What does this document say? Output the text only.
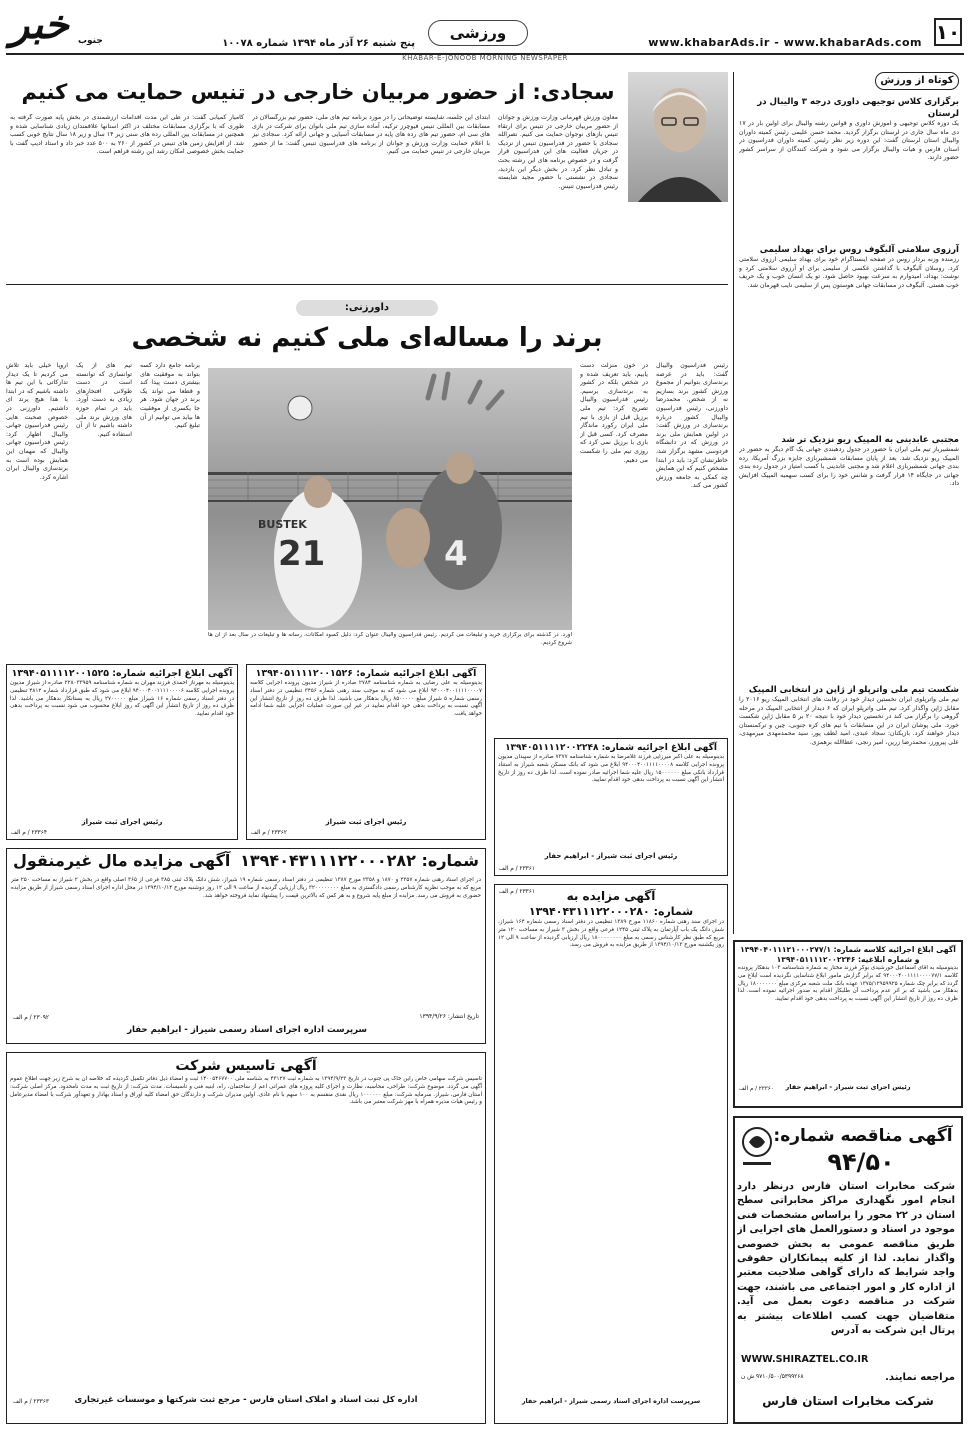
۱۰
www.khabarAds.ir - www.khabarAds.com
ورزشی
پنج شنبه ۲۶ آذر ماه ۱۳۹۴ شماره ۱۰۰۷۸
خبر جنوب
KHABAR-E-JONOOB MORNING NEWSPAPER
کوتاه از ورزش
برگزاری کلاس توجیهی داوری درجه ۳ والیبال در لرستان
یک دوره کلاس توجیهی و آموزش داوری و قوانین رشته والیبال برای اولین بار در ۱۷ دی ماه سال جاری در لرستان برگزار گردید. محمد حسن علیمی رئیس کمیته داوران والیبال استان لرستان گفت: این دوره زیر نظر رئیس کمیته داوران فدراسیون در استان فارس و هیات والیبال برگزار می شود و شرکت کنندگان از سراسر کشور حضور دارند.
آرزوی سلامتی آلبگوف روس برای بهداد سلیمی
رزمنده وزنه بردار روس در صفحه اینستاگرام خود برای بهداد سلیمی آرزوی سلامتی کرد. روسلان آلبگوف با گذاشتن عکسی از سلیمی برای او آرزوی سلامتی کرد و نوشت: بهداد، امیدوارم به سرعت بهبود حاصل شود. تو یک انسان خوب و یک حریف خوب هستی. آلبگوف در مسابقات جهانی هوستون پس از سلیمی نایب قهرمان شد.
مجتبی عابدینی به المپیک ریو نزدیک تر شد
شمشیرباز تیم ملی ایران با حضور در جدول ردهبندی جهانی یک گام دیگر به حضور در المپیک ریو نزدیک شد. بعد از پایان مسابقات شمشیربازی جایزه بزرگ آمریکا، رده بندی جهانی شمشیربازی اعلام شد و مجتبی عابدینی با کسب امتیاز در جدول رده بندی جهانی در جایگاه ۱۴ قرار گرفت و شانس خود را برای کسب سهمیه المپیک افزایش داد.
شکست تیم ملی واترپلو از ژاپن در انتخابی المپیک
تیم ملی واترپلوی ایران نخستین دیدار خود در رقابت های انتخابی المپیک ریو ۲۰۱۶ را مقابل ژاپن واگذار کرد. تیم ملی واترپلو ایران که ۶ دیدار از انتخابی المپیک در مرحله گروهی را برگزار می کند در نخستین دیدار خود با نتیجه ۲۰ بر ۵ مقابل ژاپن شکست خورد. ملی پوشان ایران در این مسابقات با تیم های کره جنوبی، چین و ترکمنستان دیدار خواهند کرد. بازیکنان: سجاد عبدی، امید لطف پور، سید محمدمهدی میرمهدی، علی پیرورز، محمدرضا زرین، امیر رنجی، عطاالله برهمزی.
سجادی: از حضور مربیان خارجی در تنیس حمایت می کنیم
معاون ورزش قهرمانی وزارت ورزش و جوانان از حضور مربیان خارجی در تنیس برای ارتقاء تنیس بازهای نوجوان حمایت می کنیم. نصرالله سجادی با حضور در فدراسیون تنیس از نزدیک در جریان فعالیت های این فدراسیون قرار گرفت و در خصوص برنامه های این رشته بحث و تبادل نظر کرد. در بخش دیگر این بازدید، سجادی در نشستی با حضور مجید شایسته رئیس فدراسیون تنیس.
ابتدای این جلسه، شایسته توضیحاتی را در مورد برنامه تیم های ملی، حضور تیم بزرگسالان در مسابقات بین المللی تنیس فیوچرز ترکیه، آماده سازی تیم ملی بانوان برای شرکت در بازی های سی ام، حضور تیم های رده های پایه در مسابقات آسیایی و جهانی ارائه کرد. سجادی نیز با اعلام حمایت وزارت ورزش و جوانان از برنامه های فدراسیون تنیس گفت: ما از حضور مربیان خارجی در تنیس حمایت می کنیم.
کامیار کمیابی گفت: در طی این مدت اقدامات ارزشمندی در بخش پایه صورت گرفته به طوری که با برگزاری مسابقات مختلف در اکثر استانها علاقمندان زیادی شناسایی شده و همچنین در مسابقات بین المللی رده های سنی زیر ۱۴ سال و زیر ۱۸ سال نتایج خوبی کسب شد. از افزایش زمین های تنیس در کشور از ۲۶۰ به ۵۰۰ عدد خبر داد و استاد ادیپ گفت با حمایت بخش خصوصی امکان رشد این رشته فراهم است.
داورزنی:
برند را مساله‌ای ملی کنیم نه شخصی
رئیس فدراسیون والیبال گفت: باید در عرصه برندسازی بتوانیم از مجموع ورزش کشور برند بسازیم نه از شخص. محمدرضا داورزنی، رئیس فدراسیون والیبال کشور درباره برندسازی در ورزش گفت: در اولین همایش ملی برند در ورزش که در دانشگاه فردوسی مشهد برگزار شد، خاطرنشان کرد: باید در ابتدا مشخص کنیم که این همایش چه کمکی به جامعه ورزش کشور می کند.
در خون منزلت دست یابیم، باید تعریف شده و در شخص بلکه در کشور به برندسازی برسیم. رئیس فدراسیون والیبال تصریح کرد: تیم ملی برزیل قبل از بازی با تیم ملی ایران رکورد ماندگار مصرف کرد. کسی قبل از بازی با برزیل نمی کرد که روزی تیم ملی را شکست می دهیم.
BUSTEK
21	4
آورد. در گذشته برای برگزاری خرید و تبلیغات می کردیم. رئیس فدراسیون والیبال عنوان کرد: دلیل کمبود امکانات، رسانه ها و تبلیغات در سال بعد از آن ها شروع کردیم.
برنامه جامع دارد کسه بتواند به موفقیت های بیشتری دست پیدا کند و قطعا می تواند یک برند در جهان شود. هر جا یکسری از موفقیت ها بیاید می توانیم از آن تبلیغ کنیم.
تیم های از یک توانسازی که توانسته است در دست طولانی افتخارهای زیادی به دست آورد. باید در تمام حوزه های ورزش برند ملی داشته باشیم تا از آن استفاده کنیم.
اروپا خیلی باید تلاش می کردیم تا یک دیدار تدارکاتی با این تیم ها داشته باشیم که در ابتدا با هدا هیچ برند ای داشتیم. داورزنی در خصوص صحبت هایی رئیس فدراسیون جهانی والیبال اظهار کرد: رئیس فدراسیون جهانی والیبال که مهمان این همایش بوده است به برندسازی والیبال ایران اشاره کرد.
آگهی ابلاغ اجرائیه شماره: ۱۳۹۴۰۵۱۱۱۱۲۰۰۱۵۲۵
بدینوسیله به مهرناز احمدی فرزند مهران به شماره شناسنامه ۲۲۸۰۳۳۹۵۹ صادره از شیراز مدیون پرونده اجرایی کلاسه ۹۴۰۰۰۴۰۰۱۱۱۱۰۰۰۰۶ ابلاغ می شود که طبق قرارداد شماره ۴۸۱۲ تنظیمی در دفتر اسناد رسمی شماره ۱۶ شیراز مبلغ ۲۷۰۰۰۰۰ ریال به بستانکار بدهکار می باشید. لذا ظرف ده روز از تاریخ انتشار این آگهی که روز ابلاغ محسوب می شود نسبت به پرداخت بدهی خود اقدام نمایید.
رئیس اجرای ثبت شیراز
۲۳۳۶۴ / م الف
آگهی ابلاغ اجرائیه شماره: ۱۳۹۴۰۵۱۱۱۱۲۰۰۱۵۲۶
بدینوسیله به علی رضایی به شماره شناسنامه ۲۷۸۴ صادره از شیراز مدیون پرونده اجرایی کلاسه ۹۴۰۰۰۴۰۰۱۱۱۱۰۰۰۰۷ ابلاغ می شود که به موجب سند رهنی شماره ۳۴۵۶ تنظیمی در دفتر اسناد رسمی شماره ۵ شیراز مبلغ ۸۵۰۰۰۰۰ ریال بدهکار می باشید. لذا ظرف ده روز از تاریخ انتشار این آگهی نسبت به پرداخت بدهی خود اقدام نمایید در غیر این صورت عملیات اجرایی علیه شما ادامه خواهد یافت.
رئیس اجرای ثبت شیراز
۲۳۳۶۲ / م الف
آگهی ابلاغ اجرائیه شماره: ۱۳۹۴۰۵۱۱۱۱۲۰۰۲۲۴۸
بدینوسیله به علی اکبر میرزایی فرزند غلامرضا به شماره شناسنامه ۷۳۷۷ صادره از سپیدان مدیون پرونده اجرایی کلاسه ۹۴۰۰۰۴۰۰۱۱۱۱۰۰۰۰۸ ابلاغ می شود که بانک مسکن شعبه شیراز به استناد قرارداد بانکی مبلغ ۱۵۰۰۰۰۰۰ ریال علیه شما اجرائیه صادر نموده است. لذا ظرف ده روز از تاریخ انتشار این آگهی نسبت به پرداخت بدهی خود اقدام نمایید.
رئیس اجرای ثبت شیراز - ابراهیم حفار
۲۳۳۶۱ / م الف
آگهی مزایده مال غیرمنقول شماره: ۱۳۹۴۰۴۳۱۱۱۲۲۰۰۰۲۸۲
در اجرای اسناد رهنی شماره ۲۳۵۷ و ۱۸۷۰ و ۲۳۵۸ مورخ ۱۳۸۷ تنظیمی در دفتر اسناد رسمی شماره ۱۹ شیراز، شش دانگ پلاک ثبتی ۳۸۵ فرعی از ۳۶۵ اصلی واقع در بخش ۲ شیراز به مساحت ۲۵۰ متر مربع که به موجب نظریه کارشناس رسمی دادگستری به مبلغ ۳۲۰۰۰۰۰۰۰۰ ریال ارزیابی گردیده از ساعت ۹ الی ۱۲ روز دوشنبه مورخ ۱۳۹۴/۱۰/۱۴ در محل اداره اجرای اسناد رسمی شیراز از طریق مزایده حضوری به فروش می رسد. مزایده از مبلغ پایه شروع و به هر کس که بالاترین قیمت را پیشنهاد نماید فروخته خواهد شد.
تاریخ انتشار: ۱۳۹۴/۹/۲۶
سرپرست اداره اجرای اسناد رسمی شیراز - ابراهیم حفار
۲۳۰۹۲ / م الف
آگهی مزایده به
شماره: ۱۳۹۴۰۴۳۱۱۱۲۲۰۰۰۲۸۰
در اجرای سند رهنی شماره ۱۱۸۶۰ مورخ ۱۳۸۹ تنظیمی در دفتر اسناد رسمی شماره ۱۶۴ شیراز، شش دانگ یک باب آپارتمان به پلاک ثبتی ۱۲۴۵ فرعی واقع در بخش ۳ شیراز به مساحت ۱۲۰ متر مربع که طبق نظر کارشناس رسمی به مبلغ ۱۸۰۰۰۰۰۰۰۰ ریال ارزیابی گردیده از ساعت ۹ الی ۱۲ روز یکشنبه مورخ ۱۳۹۴/۱۰/۱۳ از طریق مزایده به فروش می رسد.
سرپرست اداره اجرای اسناد رسمی شیراز - ابراهیم حفار
۲۳۳۶۱ / م الف
آگهی تاسیس شرکت
تاسیس شرکت سهامی خاص راین خاک پی جنوب در تاریخ ۱۳۹۴/۹/۲۳ به شماره ثبت ۴۳۱۲۷ به شناسه ملی ۱۴۰۰۵۴۶۷۷۰۰ ثبت و امضاء ذیل دفاتر تکمیل گردیده که خلاصه آن به شرح زیر جهت اطلاع عموم آگهی می گردد. موضوع شرکت: طراحی، محاسبه، نظارت و اجرای کلیه پروژه های عمرانی اعم از ساختمان، راه، ابنیه فنی و تاسیسات. مدت شرکت: از تاریخ ثبت به مدت نامحدود. مرکز اصلی شرکت: استان فارس، شیراز. سرمایه شرکت: مبلغ ۱۰۰۰۰۰۰ ریال نقدی منقسم به ۱۰۰ سهم با نام عادی. اولین مدیران شرکت و دارندگان حق امضاء کلیه اوراق و اسناد بهادار و تعهدآور شرکت با امضاء مدیرعامل و رئیس هیات مدیره همراه با مهر شرکت معتبر می باشد.
اداره کل ثبت اسناد و املاک استان فارس - مرجع ثبت شرکتها و موسسات غیرتجاری
۲۳۳۶۳ / م الف
آگهی ابلاغ اجرائیه کلاسه شماره: ۱۳۹۴۰۴۰۱۱۱۲۱۰۰۰۲۷۷/۱
و شماره ابلاغیه: ۱۳۹۴۰۵۱۱۱۱۲۰۰۲۲۴۶
بدینوسیله به آقای اسماعیل خورشیدی بوگر فرزند مختار به شماره شناسنامه ۱۰۳ بدهکار پرونده کلاسه ۹۴۰۰۰۴۰۰۱۱۱۱۰۰۰۰۷۷/۱ که برابر گزارش مامور ابلاغ شناسایی نگردیده است ابلاغ می گردد که برابر چک شماره ۱۳۷۵/۱۲۹۵۹۹۲۵ عهده بانک ملت شعبه مرکزی مبلغ ۱۸۰۰۰۰۰۰۰ ریال بدهکار می باشید که بر اثر عدم پرداخت آن طلبکار اقدام به صدور اجرائیه نموده است. لذا ظرف ده روز از تاریخ انتشار این آگهی نسبت به پرداخت بدهی خود اقدام نمایید.
رئیس اجرای ثبت شیراز - ابراهیم حفار
۲۳۳۶۰ / م الف
آگهی مناقصه شماره:
۹۴/۵۰
شرکت مخابرات استان فارس درنظر دارد انجام امور نگهداری مراکز مخابراتی سطح استان در ۲۲ محور را براساس مشخصات فنی موجود در اسناد و دستورالعمل های اجرایی از طریق مناقصه عمومی به بخش خصوصی واگذار نماید. لذا از کلیه پیمانکاران حقوقی واجد شرایط که دارای گواهی صلاحیت معتبر از اداره کار و امور اجتماعی می باشند، جهت شرکت در مناقصه دعوت بعمل می آید. متقاضیان جهت کسب اطلاعات بیشتر به پرتال این شرکت به آدرس
WWW.SHIRAZTEL.CO.IR
مراجعه نمایند.
۹۷۱۰/۵۰۰/۵۳۹۹۲۶۸ ش ن
شرکت مخابرات استان فارس
